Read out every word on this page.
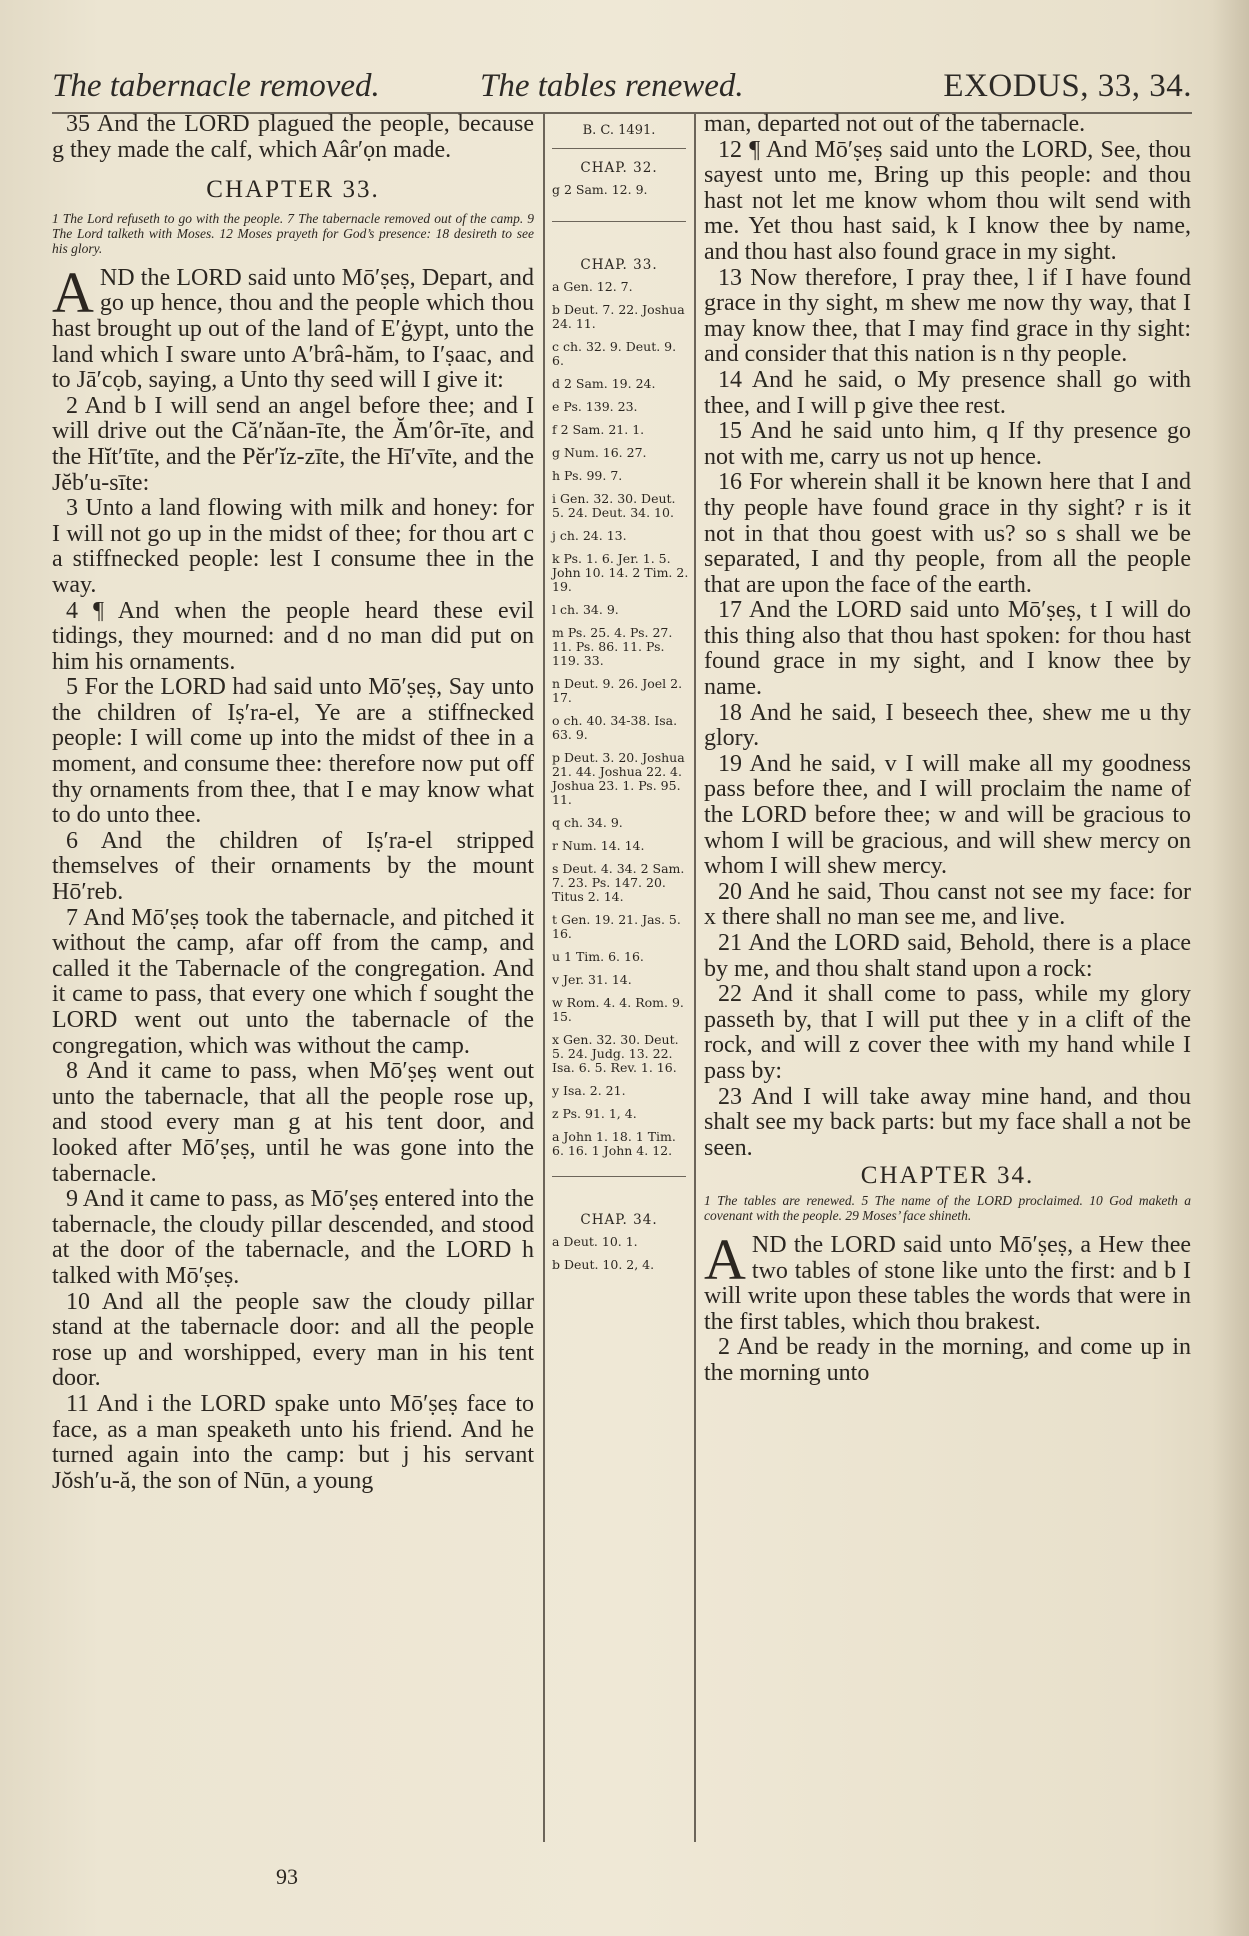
The tabernacle removed.	The tables renewed.	EXODUS, 33, 34.

35 And the LORD plagued the people, because g they made the calf, which Aâr′ọn made.

CHAPTER 33.

1 The Lord refuseth to go with the people. 7 The tabernacle removed out of the camp. 9 The Lord talketh with Moses. 12 Moses prayeth for God’s presence: 18 desireth to see his glory.

AND the LORD said unto Mō′ṣeṣ, Depart, and go up hence, thou and the people which thou hast brought up out of the land of E′ġypt, unto the land which I sware unto A′brâ-hăm, to I′ṣaac, and to Jā′cọb, saying, a Unto thy seed will I give it:

2 And b I will send an angel before thee; and I will drive out the Că′năan-īte, the Ăm′ôr-īte, and the Hĭt′tīte, and the Pĕr′ĭz-zīte, the Hī′vīte, and the Jĕb′u-sīte:

3 Unto a land flowing with milk and honey: for I will not go up in the midst of thee; for thou art c a stiffnecked people: lest I consume thee in the way.

4 ¶ And when the people heard these evil tidings, they mourned: and d no man did put on him his ornaments.

5 For the LORD had said unto Mō′ṣeṣ, Say unto the children of Iṣ′ra-el, Ye are a stiffnecked people: I will come up into the midst of thee in a moment, and consume thee: therefore now put off thy ornaments from thee, that I e may know what to do unto thee.

6 And the children of Iṣ′ra-el stripped themselves of their ornaments by the mount Hō′reb.

7 And Mō′ṣeṣ took the tabernacle, and pitched it without the camp, afar off from the camp, and called it the Tabernacle of the congregation. And it came to pass, that every one which f sought the LORD went out unto the tabernacle of the congregation, which was without the camp.

8 And it came to pass, when Mō′ṣeṣ went out unto the tabernacle, that all the people rose up, and stood every man g at his tent door, and looked after Mō′ṣeṣ, until he was gone into the tabernacle.

9 And it came to pass, as Mō′ṣeṣ entered into the tabernacle, the cloudy pillar descended, and stood at the door of the tabernacle, and the LORD h talked with Mō′ṣeṣ.

10 And all the people saw the cloudy pillar stand at the tabernacle door: and all the people rose up and worshipped, every man in his tent door.

11 And i the LORD spake unto Mō′ṣeṣ face to face, as a man speaketh unto his friend. And he turned again into the camp: but j his servant Jŏsh′u-ă, the son of Nūn, a young

B. C. 1491.
CHAP. 32.
g 2 Sam. 12. 9.
CHAP. 33.
a Gen. 12. 7.
b Deut. 7. 22. Joshua 24. 11.
c ch. 32. 9. Deut. 9. 6.
d 2 Sam. 19. 24.
e Ps. 139. 23.
f 2 Sam. 21. 1.
g Num. 16. 27.
h Ps. 99. 7.
i Gen. 32. 30. Deut. 5. 24. Deut. 34. 10.
j ch. 24. 13.
k Ps. 1. 6. Jer. 1. 5. John 10. 14. 2 Tim. 2. 19.
l ch. 34. 9.
m Ps. 25. 4. Ps. 27. 11. Ps. 86. 11. Ps. 119. 33.
n Deut. 9. 26. Joel 2. 17.
o ch. 40. 34-38. Isa. 63. 9.
p Deut. 3. 20. Joshua 21. 44. Joshua 22. 4. Joshua 23. 1. Ps. 95. 11.
q ch. 34. 9.
r Num. 14. 14.
s Deut. 4. 34. 2 Sam. 7. 23. Ps. 147. 20. Titus 2. 14.
t Gen. 19. 21. Jas. 5. 16.
u 1 Tim. 6. 16.
v Jer. 31. 14.
w Rom. 4. 4. Rom. 9. 15.
x Gen. 32. 30. Deut. 5. 24. Judg. 13. 22. Isa. 6. 5. Rev. 1. 16.
y Isa. 2. 21.
z Ps. 91. 1, 4.
a John 1. 18. 1 Tim. 6. 16. 1 John 4. 12.
CHAP. 34.
a Deut. 10. 1.
b Deut. 10. 2, 4.

man, departed not out of the tabernacle.

12 ¶ And Mō′ṣeṣ said unto the LORD, See, thou sayest unto me, Bring up this people: and thou hast not let me know whom thou wilt send with me. Yet thou hast said, k I know thee by name, and thou hast also found grace in my sight.

13 Now therefore, I pray thee, l if I have found grace in thy sight, m shew me now thy way, that I may know thee, that I may find grace in thy sight: and consider that this nation is n thy people.

14 And he said, o My presence shall go with thee, and I will p give thee rest.

15 And he said unto him, q If thy presence go not with me, carry us not up hence.

16 For wherein shall it be known here that I and thy people have found grace in thy sight? r is it not in that thou goest with us? so s shall we be separated, I and thy people, from all the people that are upon the face of the earth.

17 And the LORD said unto Mō′ṣeṣ, t I will do this thing also that thou hast spoken: for thou hast found grace in my sight, and I know thee by name.

18 And he said, I beseech thee, shew me u thy glory.

19 And he said, v I will make all my goodness pass before thee, and I will proclaim the name of the LORD before thee; w and will be gracious to whom I will be gracious, and will shew mercy on whom I will shew mercy.

20 And he said, Thou canst not see my face: for x there shall no man see me, and live.

21 And the LORD said, Behold, there is a place by me, and thou shalt stand upon a rock:

22 And it shall come to pass, while my glory passeth by, that I will put thee y in a clift of the rock, and will z cover thee with my hand while I pass by:

23 And I will take away mine hand, and thou shalt see my back parts: but my face shall a not be seen.

CHAPTER 34.

1 The tables are renewed. 5 The name of the LORD proclaimed. 10 God maketh a covenant with the people. 29 Moses’ face shineth.

AND the LORD said unto Mō′ṣeṣ, a Hew thee two tables of stone like unto the first: and b I will write upon these tables the words that were in the first tables, which thou brakest.

2 And be ready in the morning, and come up in the morning unto

93
